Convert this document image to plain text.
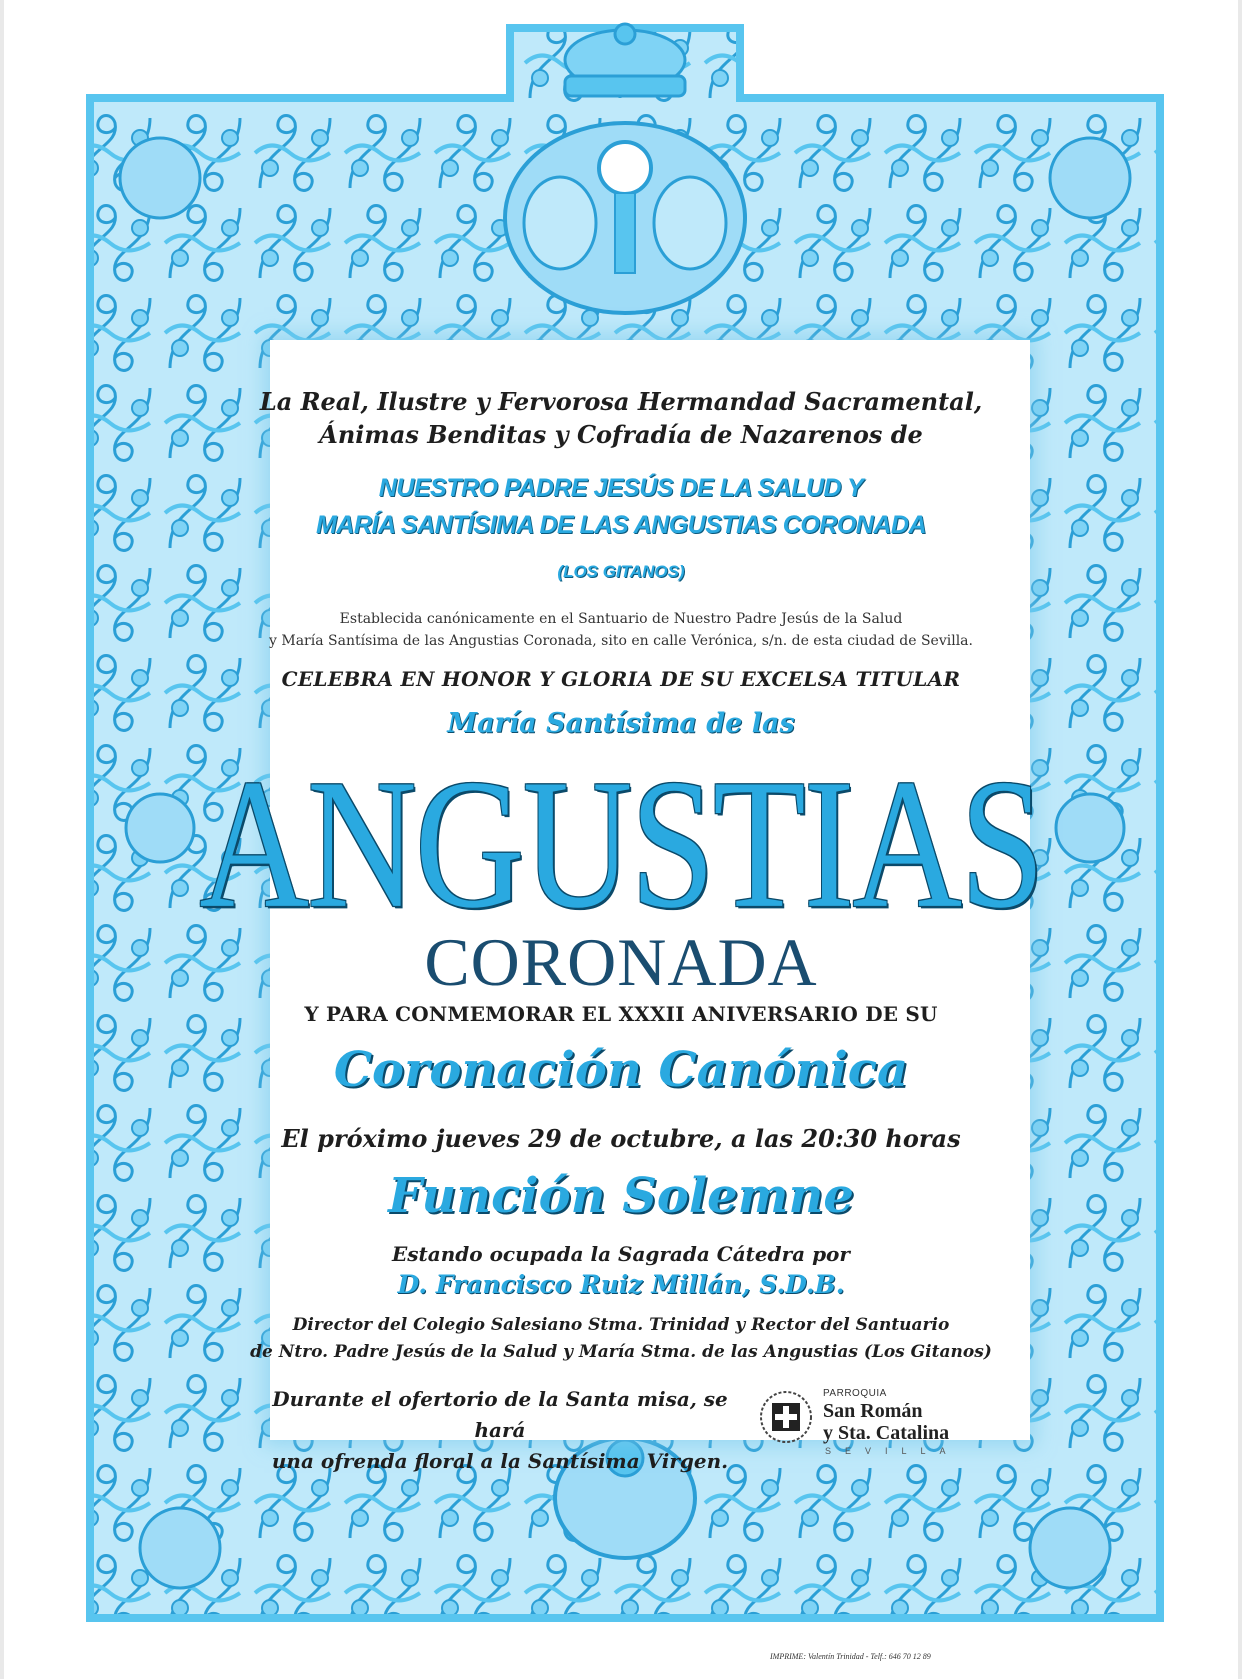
La Real, Ilustre y Fervorosa Hermandad Sacramental,
Ánimas Benditas y Cofradía de Nazarenos de
NUESTRO PADRE JESÚS DE LA SALUD Y
MARÍA SANTÍSIMA DE LAS ANGUSTIAS CORONADA
(LOS GITANOS)
Establecida canónicamente en el Santuario de Nuestro Padre Jesús de la Salud
y María Santísima de las Angustias Coronada, sito en calle Verónica, s/n. de esta ciudad de Sevilla.
CELEBRA EN HONOR Y GLORIA DE SU EXCELSA TITULAR
María Santísima de las
ANGUSTIAS
CORONADA
Y PARA CONMEMORAR EL XXXII ANIVERSARIO DE SU
Coronación Canónica
El próximo jueves 29 de octubre, a las 20:30 horas
Función Solemne
Estando ocupada la Sagrada Cátedra por
D. Francisco Ruiz Millán, S.D.B.
Director del Colegio Salesiano Stma. Trinidad y Rector del Santuario
de Ntro. Padre Jesús de la Salud y María Stma. de las Angustias (Los Gitanos)
Durante el ofertorio de la Santa misa, se hará
una ofrenda floral a la Santísima Virgen.
PARROQUIA
San Román
y Sta. Catalina
SEVILLA
IMPRIME: Valentín Trinidad - Telf.: 646 70 12 89
